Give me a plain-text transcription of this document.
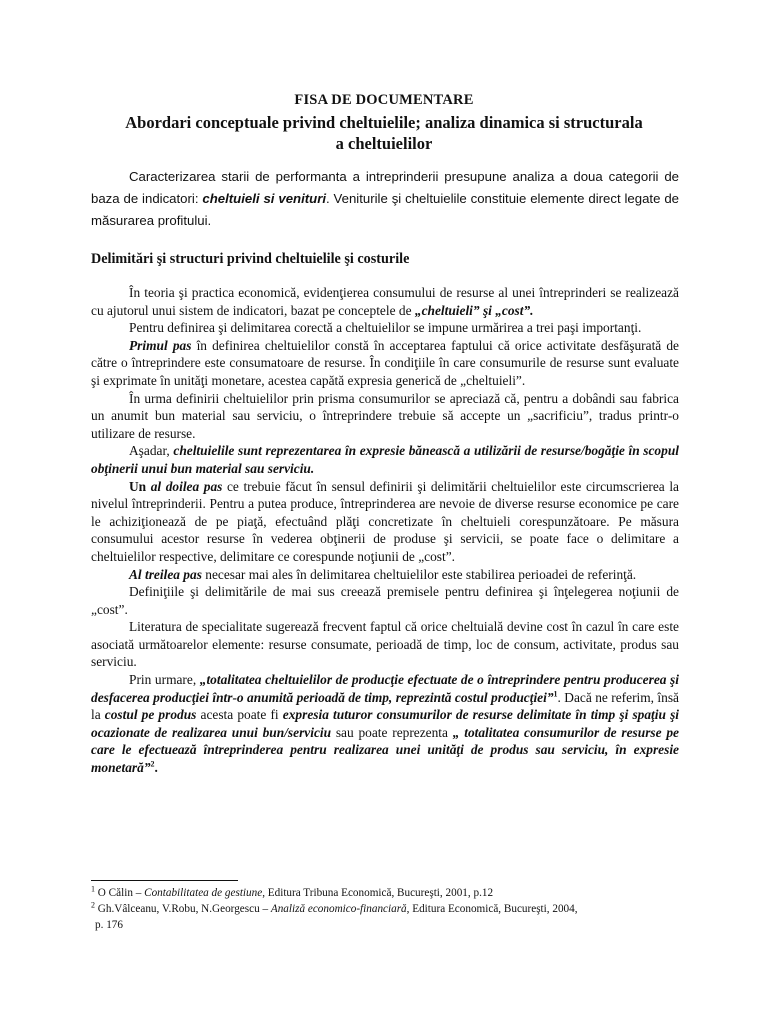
FISA DE DOCUMENTARE
Abordari conceptuale privind cheltuielile; analiza dinamica si structurala a cheltuielilor

Caracterizarea starii de performanta a intreprinderii presupune analiza a doua categorii de baza de indicatori: cheltuieli si venituri. Veniturile şi cheltuielile constituie elemente direct legate de măsurarea profitului.

Delimitări şi structuri privind cheltuielile şi costurile

În teoria şi practica economică, evidenţierea consumului de resurse al unei întreprinderi se realizează cu ajutorul unui sistem de indicatori, bazat pe conceptele de „cheltuieli” şi „cost”.

Pentru definirea şi delimitarea corectă a cheltuielilor se impune urmărirea a trei paşi importanţi.

Primul pas în definirea cheltuielilor constă în acceptarea faptului că orice activitate desfăşurată de către o întreprindere este consumatoare de resurse. În condiţiile în care consumurile de resurse sunt evaluate şi exprimate în unităţi monetare, acestea capătă expresia generică de „cheltuieli”.

În urma definirii cheltuielilor prin prisma consumurilor se apreciază că, pentru a dobândi sau fabrica un anumit bun material sau serviciu, o întreprindere trebuie să accepte un „sacrificiu”, tradus printr-o utilizare de resurse.

Aşadar, cheltuielile sunt reprezentarea în expresie bănească a utilizării de resurse/bogăţie în scopul obţinerii unui bun material sau serviciu.

Un al doilea pas ce trebuie făcut în sensul definirii şi delimitării cheltuielilor este circumscrierea la nivelul întreprinderii. Pentru a putea produce, întreprinderea are nevoie de diverse resurse economice pe care le achiziţionează de pe piaţă, efectuând plăţi concretizate în cheltuieli corespunzătoare. Pe măsura consumului acestor resurse în vederea obţinerii de produse şi servicii, se poate face o delimitare a cheltuielilor respective, delimitare ce corespunde noţiunii de „cost”.

Al treilea pas necesar mai ales în delimitarea cheltuielilor este stabilirea perioadei de referinţă.

Definiţiile şi delimitările de mai sus creează premisele pentru definirea şi înţelegerea noţiunii de „cost”.

Literatura de specialitate sugerează frecvent faptul că orice cheltuială devine cost în cazul în care este asociată următoarelor elemente: resurse consumate, perioadă de timp, loc de consum, activitate, produs sau serviciu.

Prin urmare, „totalitatea cheltuielilor de producţie efectuate de o întreprindere pentru producerea şi desfacerea producţiei într-o anumită perioadă de timp, reprezintă costul producţiei”$^1$. Dacă ne referim, însă la costul pe produs acesta poate fi expresia tuturor consumurilor de resurse delimitate în timp şi spaţiu şi ocazionate de realizarea unui bun/serviciu sau poate reprezenta „ totalitatea consumurilor de resurse pe care le efectuează întreprinderea pentru realizarea unei unităţi de produs sau serviciu, în expresie monetară”$^2$.

$^1$ O Călin – Contabilitatea de gestiune, Editura Tribuna Economică, Bucureşti, 2001, p.12
$^2$ Gh.Vâlceanu, V.Robu, N.Georgescu – Analiză economico-financiară, Editura Economică, Bucureşti, 2004,
p. 176
